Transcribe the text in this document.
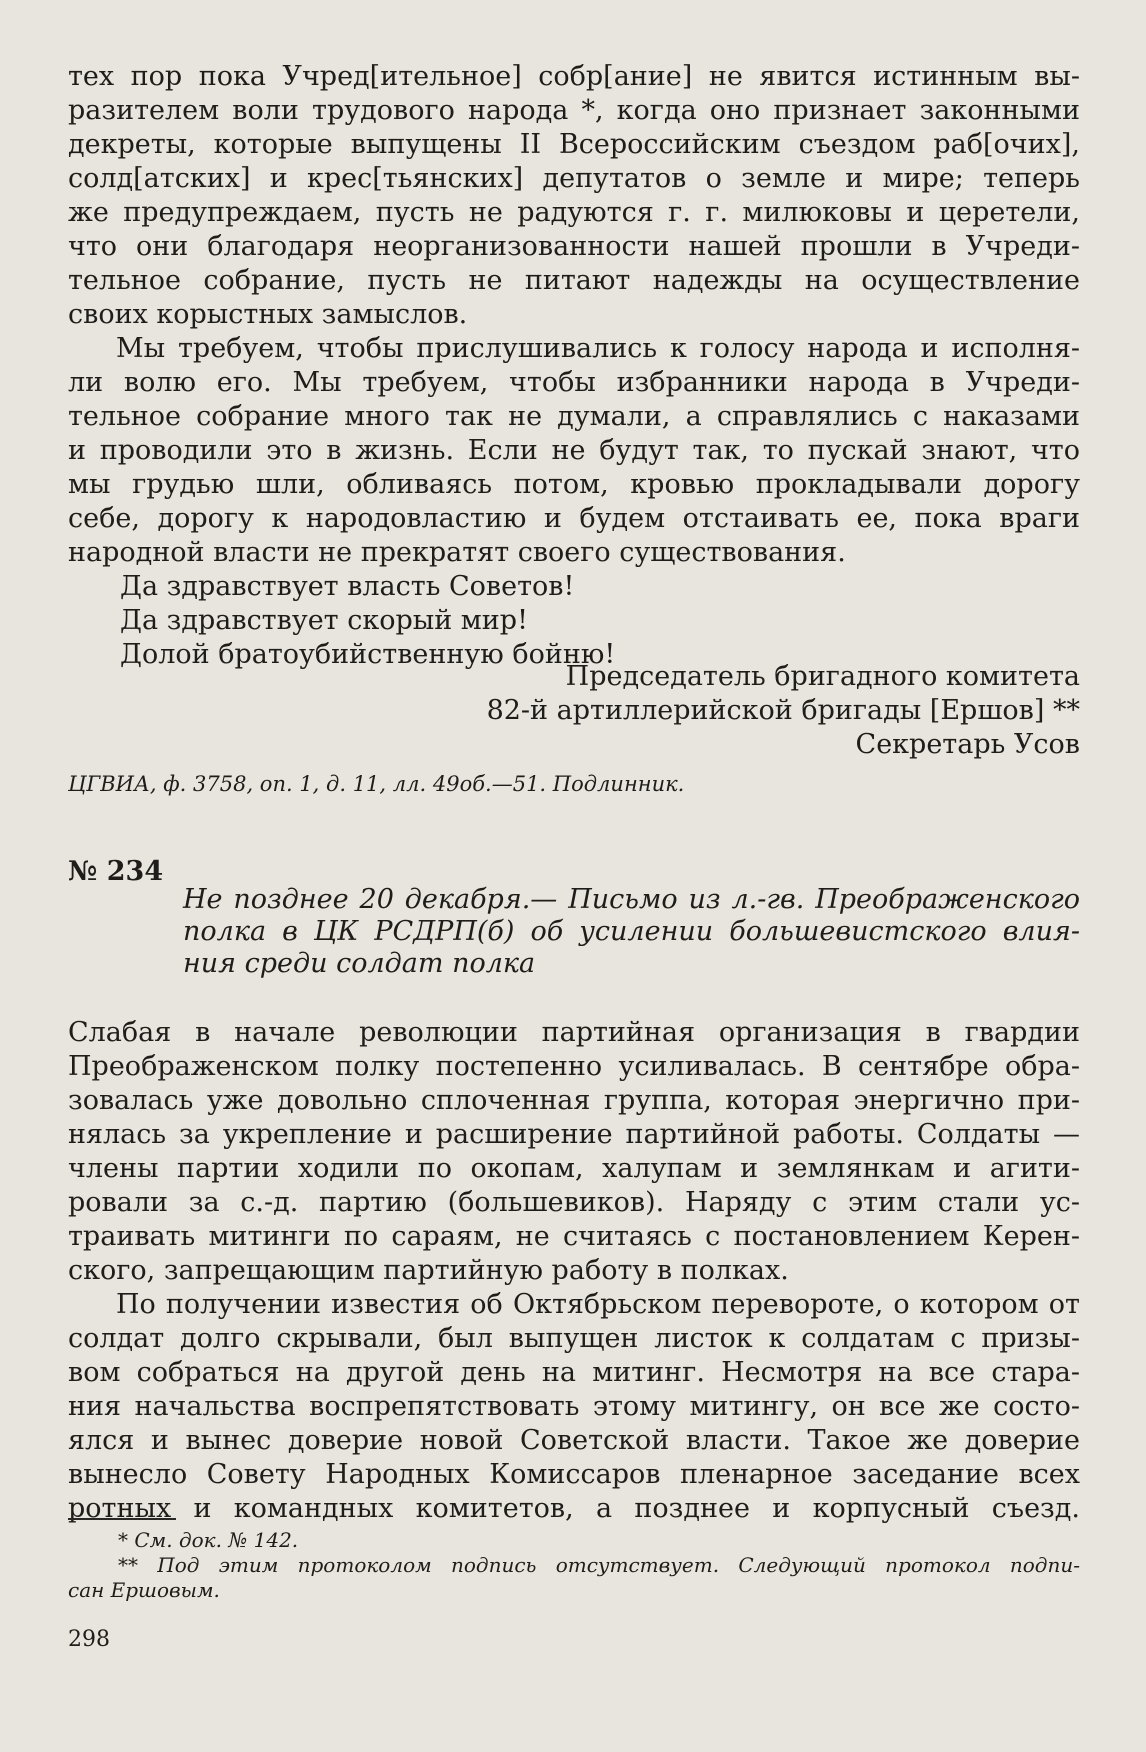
тех пор пока Учред[ительное] собр[ание] не явится истинным вы-
разителем воли трудового народа *, когда оно признает законными
декреты, которые выпущены II Всероссийским съездом раб[очих],
солд[атских] и крес[тьянских] депутатов о земле и мире; теперь
же предупреждаем, пусть не радуются г. г. милюковы и церетели,
что они благодаря неорганизованности нашей прошли в Учреди-
тельное собрание, пусть не питают надежды на осуществление
своих корыстных замыслов.
Мы требуем, чтобы прислушивались к голосу народа и исполня-
ли волю его. Мы требуем, чтобы избранники народа в Учреди-
тельное собрание много так не думали, а справлялись с наказами
и проводили это в жизнь. Если не будут так, то пускай знают, что
мы грудью шли, обливаясь потом, кровью прокладывали дорогу
себе, дорогу к народовластию и будем отстаивать ее, пока враги
народной власти не прекратят своего существования.
Да здравствует власть Советов!
Да здравствует скорый мир!
Долой братоубийственную бойню!
Председатель бригадного комитета
82-й артиллерийской бригады [Ершов] **
Секретарь Усов
ЦГВИА, ф. 3758, оп. 1, д. 11, лл. 49об.—51. Подлинник.
№ 234
Не позднее 20 декабря.— Письмо из л.-гв. Преображенского
полка в ЦК РСДРП(б) об усилении большевистского влия-
ния среди солдат полка
Слабая в начале революции партийная организация в гвардии
Преображенском полку постепенно усиливалась. В сентябре обра-
зовалась уже довольно сплоченная группа, которая энергично при-
нялась за укрепление и расширение партийной работы. Солдаты —
члены партии ходили по окопам, халупам и землянкам и агити-
ровали за с.-д. партию (большевиков). Наряду с этим стали ус-
траивать митинги по сараям, не считаясь с постановлением Керен-
ского, запрещающим партийную работу в полках.
По получении известия об Октябрьском перевороте, о котором от
солдат долго скрывали, был выпущен листок к солдатам с призы-
вом собраться на другой день на митинг. Несмотря на все стара-
ния начальства воспрепятствовать этому митингу, он все же состо-
ялся и вынес доверие новой Советской власти. Такое же доверие
вынесло Совету Народных Комиссаров пленарное заседание всех
ротных и командных комитетов, а позднее и корпусный съезд.
* См. док. № 142.
** Под этим протоколом подпись отсутствует. Следующий протокол подпи-
сан Ершовым.
298
